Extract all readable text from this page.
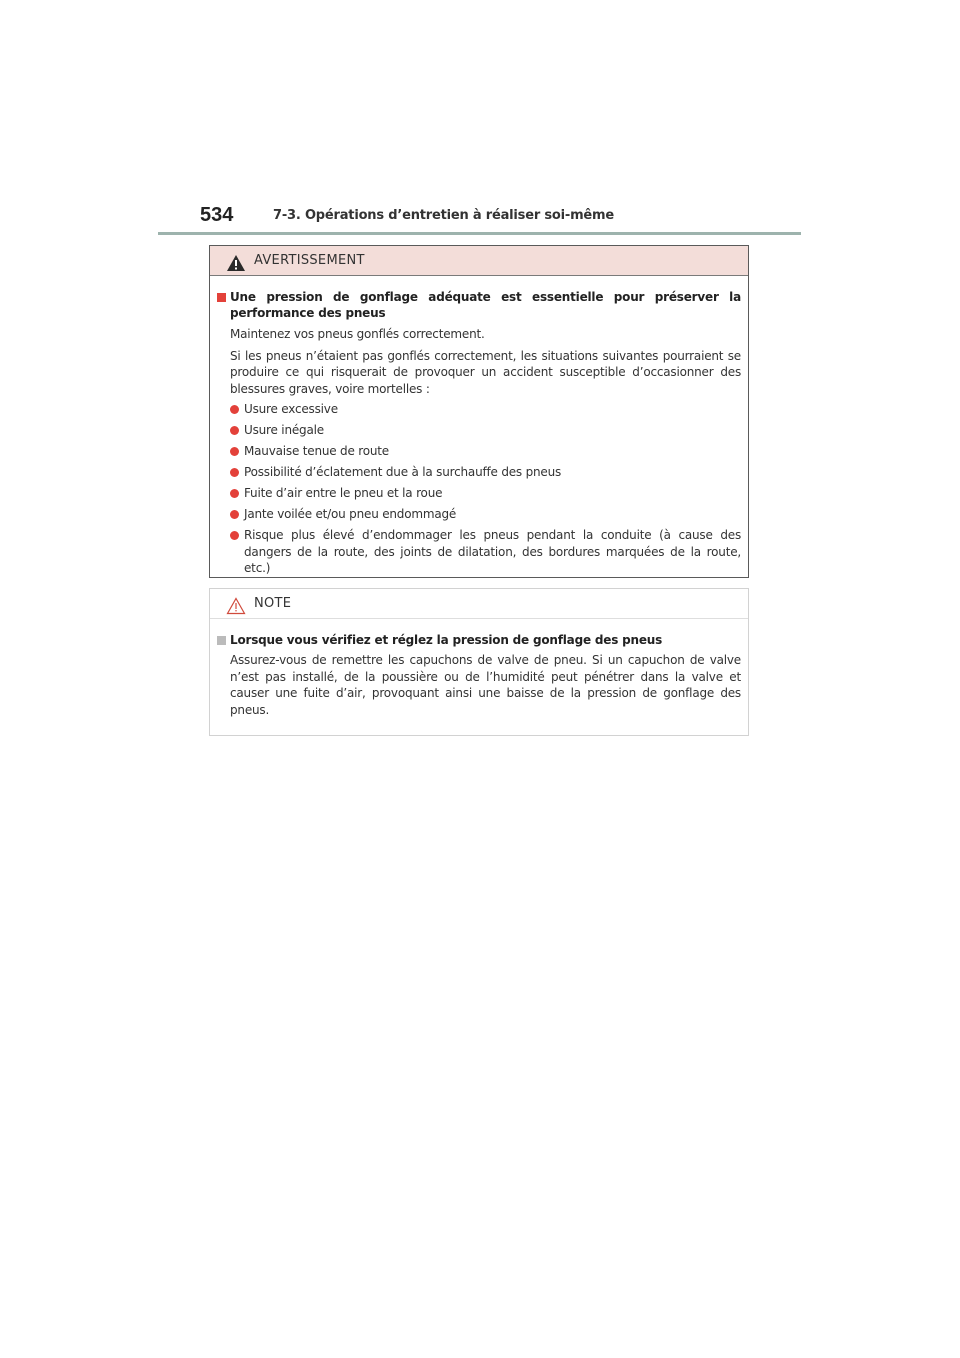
534	7-3. Opérations d’entretien à réaliser soi-même
AVERTISSEMENT
Une pression de gonflage adéquate est essentielle pour préserver la performance des pneus

Maintenez vos pneus gonflés correctement.

Si les pneus n’étaient pas gonflés correctement, les situations suivantes pourraient se produire ce qui risquerait de provoquer un accident susceptible d’occasionner des blessures graves, voire mortelles :

Usure excessive
Usure inégale
Mauvaise tenue de route
Possibilité d’éclatement due à la surchauffe des pneus
Fuite d’air entre le pneu et la roue
Jante voilée et/ou pneu endommagé
Risque plus élevé d’endommager les pneus pendant la conduite (à cause des dangers de la route, des joints de dilatation, des bordures marquées de la route, etc.)
NOTE
Lorsque vous vérifiez et réglez la pression de gonflage des pneus

Assurez-vous de remettre les capuchons de valve de pneu. Si un capuchon de valve n’est pas installé, de la poussière ou de l’humidité peut pénétrer dans la valve et causer une fuite d’air, provoquant ainsi une baisse de la pression de gonflage des pneus.
